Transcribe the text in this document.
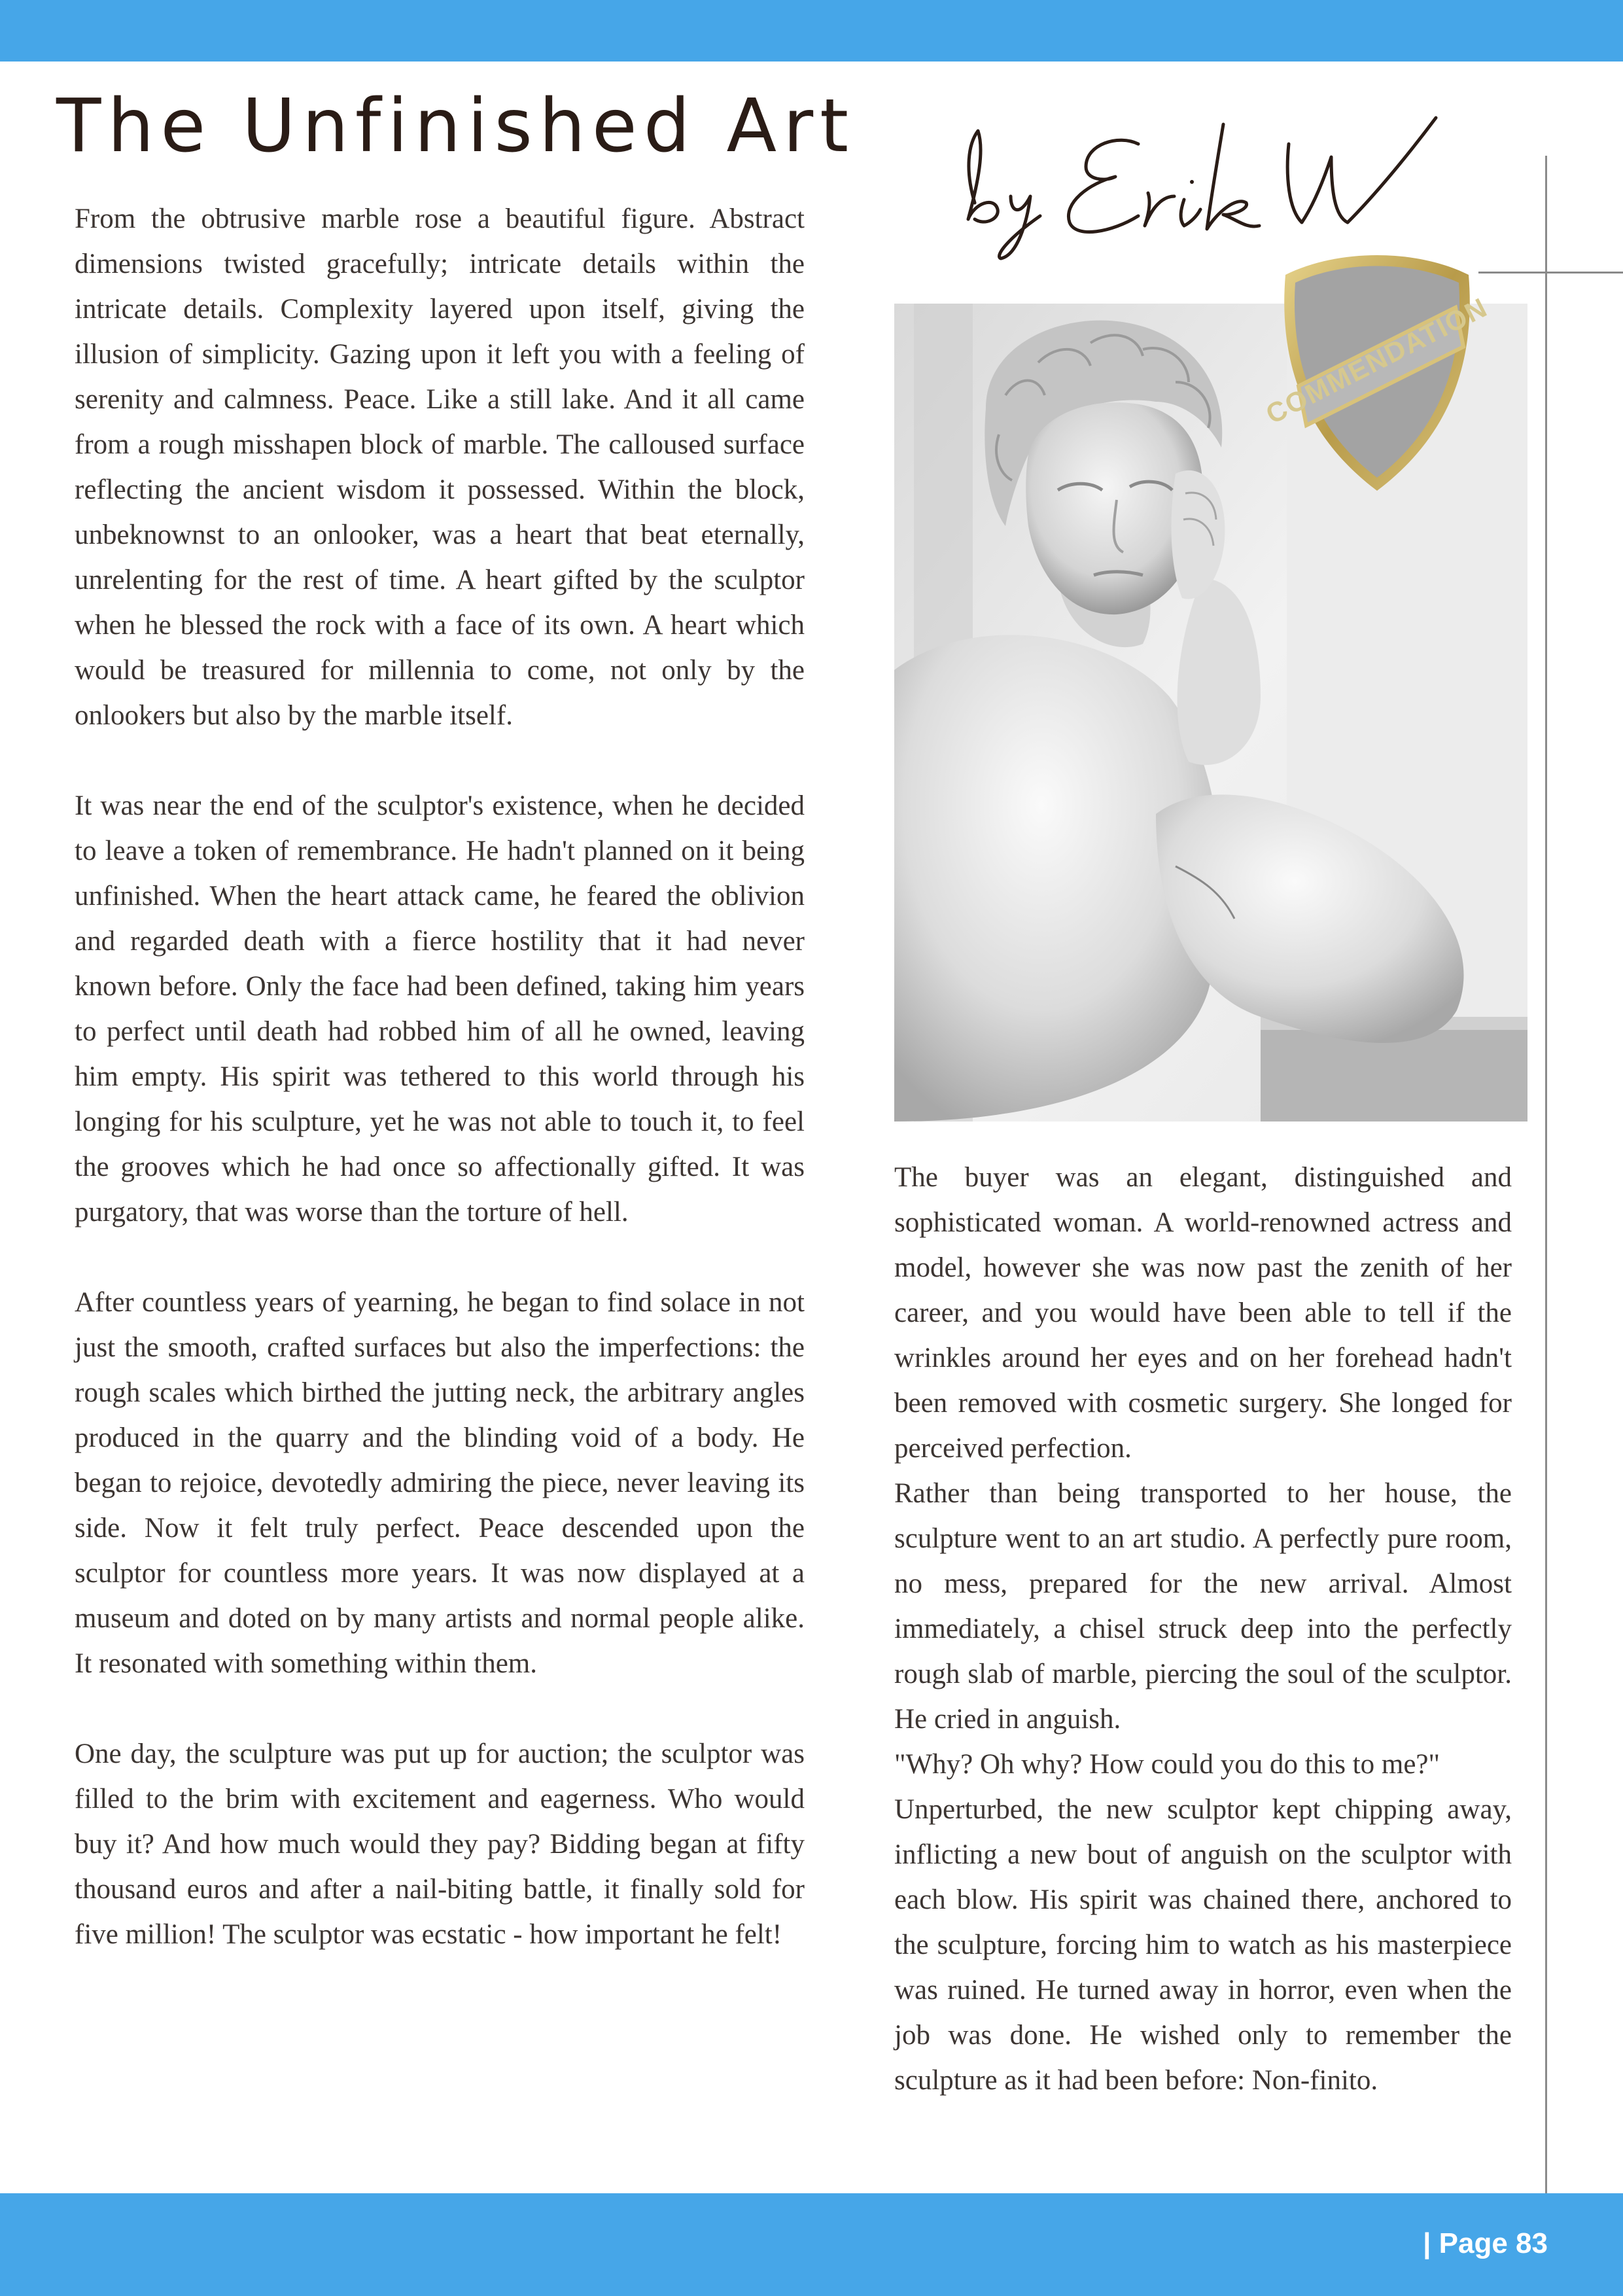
The Unfinished Art
COMMENDATION

From the obtrusive marble rose a beautiful figure. Abstract dimensions twisted gracefully; intricate details within the intricate details. Complexity layered upon itself, giving the illusion of simplicity. Gazing upon it left you with a feeling of serenity and calmness. Peace. Like a still lake. And it all came from a rough misshapen block of marble. The calloused surface reflecting the ancient wisdom it possessed. Within the block, unbeknownst to an onlooker, was a heart that beat eternally, unrelenting for the rest of time. A heart gifted by the sculptor when he blessed the rock with a face of its own. A heart which would be treasured for millennia to come, not only by the onlookers but also by the marble itself.

It was near the end of the sculptor's existence, when he decided to leave a token of remembrance. He hadn't planned on it being unfinished. When the heart attack came, he feared the oblivion and regarded death with a fierce hostility that it had never known before. Only the face had been defined, taking him years to perfect until death had robbed him of all he owned, leaving him empty. His spirit was tethered to this world through his longing for his sculpture, yet he was not able to touch it, to feel the grooves which he had once so affectionally gifted. It was purgatory, that was worse than the torture of hell.

After countless years of yearning, he began to find solace in not just the smooth, crafted surfaces but also the imperfections: the rough scales which birthed the jutting neck, the arbitrary angles produced in the quarry and the blinding void of a body. He began to rejoice, devotedly admiring the piece, never leaving its side. Now it felt truly perfect. Peace descended upon the sculptor for countless more years. It was now displayed at a museum and doted on by many artists and normal people alike. It resonated with something within them.

One day, the sculpture was put up for auction; the sculptor was filled to the brim with excitement and eagerness. Who would buy it? And how much would they pay? Bidding began at fifty thousand euros and after a nail-biting battle, it finally sold for five million! The sculptor was ecstatic - how important he felt!

The buyer was an elegant, distinguished and sophisticated woman. A world-renowned actress and model, however she was now past the zenith of her career, and you would have been able to tell if the wrinkles around her eyes and on her forehead hadn't been removed with cosmetic surgery. She longed for perceived perfection.

Rather than being transported to her house, the sculpture went to an art studio. A perfectly pure room, no mess, prepared for the new arrival. Almost immediately, a chisel struck deep into the perfectly rough slab of marble, piercing the soul of the sculptor. He cried in anguish.

"Why? Oh why? How could you do this to me?"

Unperturbed, the new sculptor kept chipping away, inflicting a new bout of anguish on the sculptor with each blow. His spirit was chained there, anchored to the sculpture, forcing him to watch as his masterpiece was ruined. He turned away in horror, even when the job was done. He wished only to remember the sculpture as it had been before: Non-finito.

| Page 83
